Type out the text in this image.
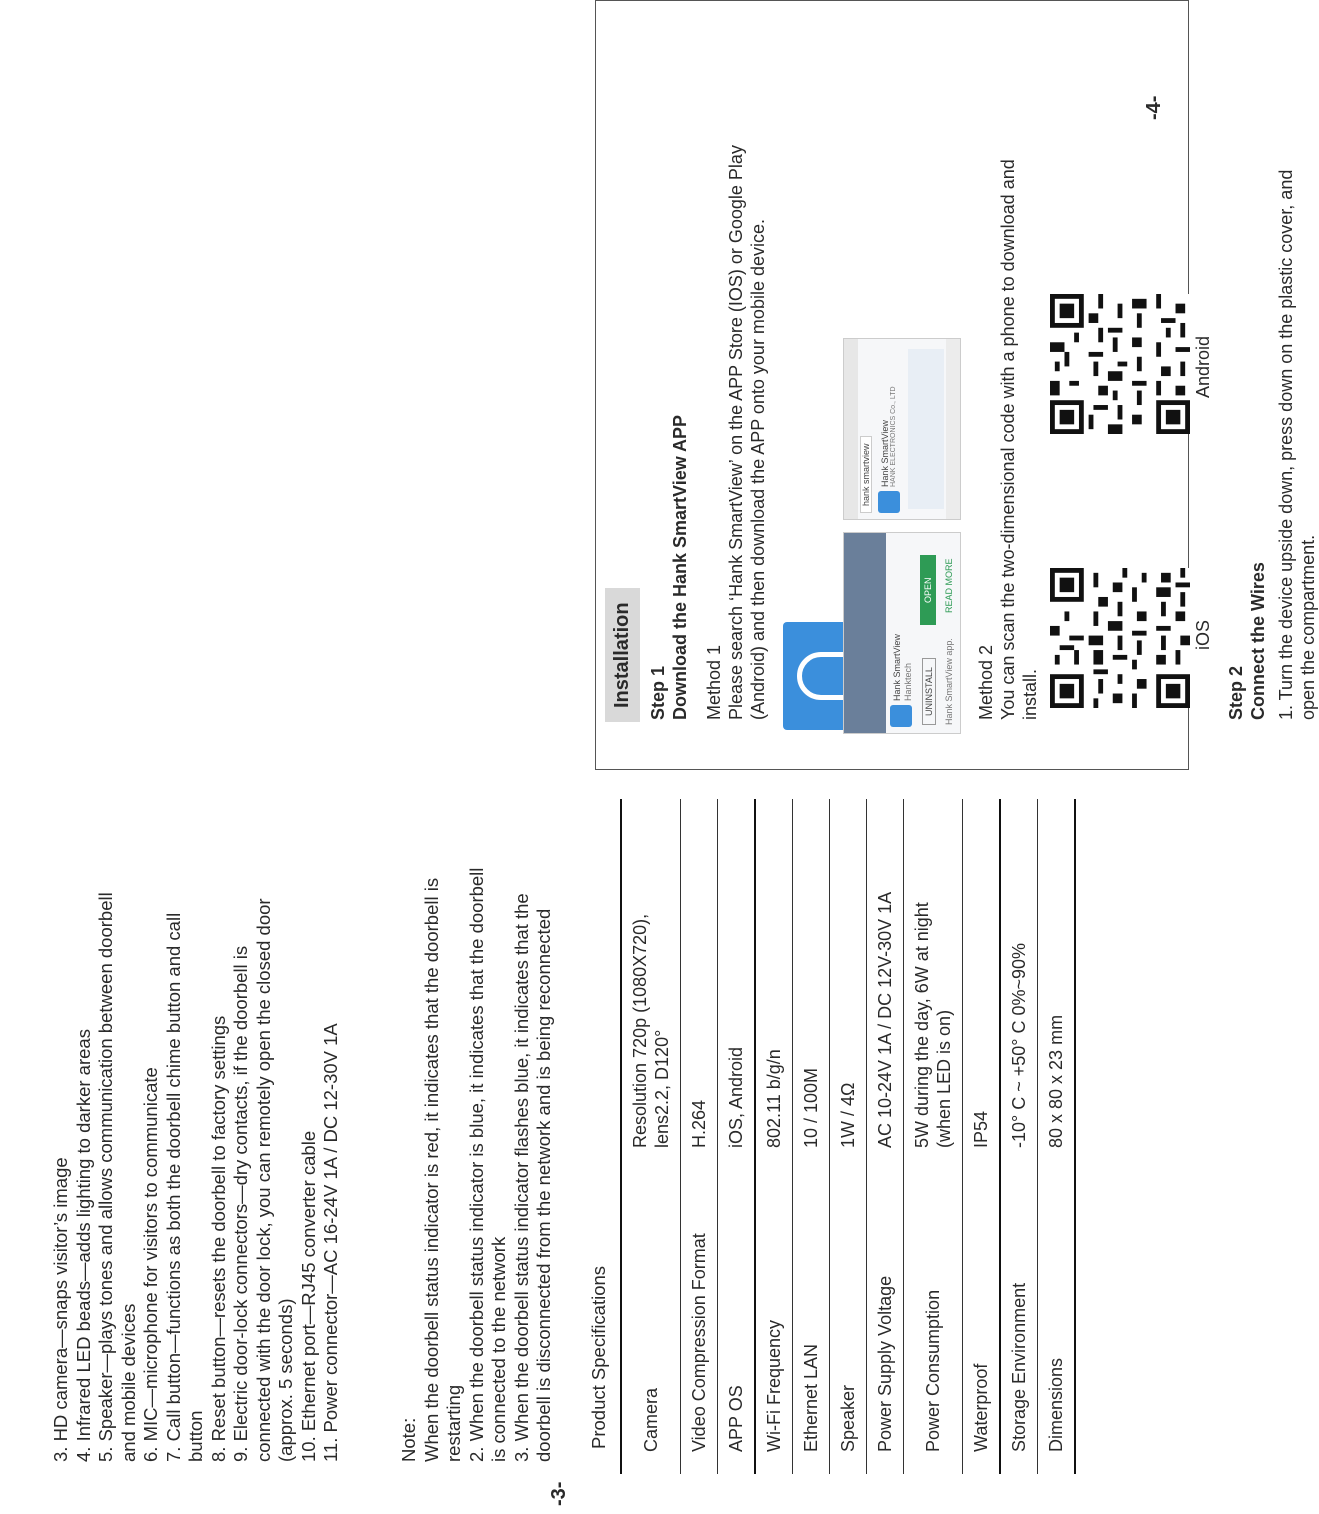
-3-
3. HD camera—snaps visitor’s image 4. Infrared LED beads—adds lighting to darker areas 5. Speaker—plays tones and allows communication between doorbell and mobile devices 6. MIC—microphone for visitors to communicate 7. Call button—functions as both the doorbell chime button and call button 8. Reset button—resets the doorbell to factory settings 9. Electric door-lock connectors—dry contacts, if the doorbell is connected with the door lock, you can remotely open the closed door (approx. 5 seconds) 10. Ethernet port—RJ45 converter cable 11. Power connector—AC 16-24V 1A / DC 12-30V 1A	Note: When the doorbell status indicator is red, it indicates that the doorbell is restarting 2. When the doorbell status indicator is blue, it indicates that the doorbell is connected to the network 3. When the doorbell status indicator flashes blue, it indicates that the doorbell is disconnected from the network and is being reconnected Product Specifications Camera	Resolution 720p (1080X720), lens2.2, D120°

Video Compression Format	H.264
APP OS	iOS, Android
Wi-Fi Frequency	802.11 b/g/n
Ethernet LAN	10 / 100M
Speaker	1W / 4Ω
Power Supply Voltage	AC 10-24V 1A / DC 12V-30V 1A
Power Consumption	5W during the day, 6W at night (when LED is on)

Waterproof	IP54
Storage Environment	-10° C ~ +50° C 0%~90%
Dimensions	80 x 80 x 23 mm
-4-
Installation Step 1 Download the Hank SmartView APP Method 1 Please search ‘Hank SmartView’ on the APP Store (IOS) or Google Play (Android) and then download the APP onto your mobile device.	Hank SmartView Hanktech UNINSTALL
OPEN
Hank SmartView app.
READ MORE
hank smartview Hank SmartView HANK ELECTRONICS Co., LTD
Method 2 You can scan the two-dimensional code with a phone to download and install.
iOS
Android
Step 2 Connect the Wires 1. Turn the device upside down, press down on the plastic cover, and open the compartment.
